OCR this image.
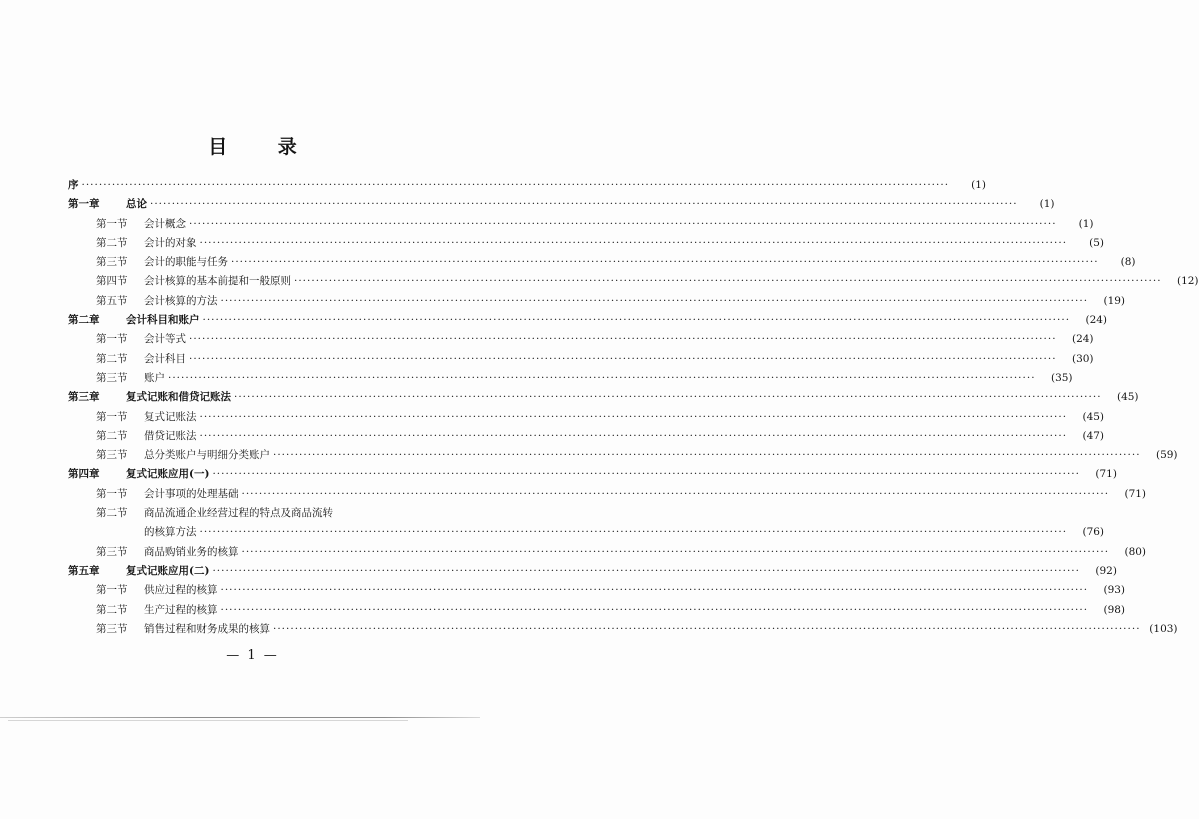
目 录
序 ········································································································································································································	(1)
第一章	总论 ········································································································································································································	(1)
第一节	会计概念 ········································································································································································································	(1)
第二节	会计的对象 ········································································································································································································	(5)
第三节	会计的职能与任务 ········································································································································································································	(8)
第四节	会计核算的基本前提和一般原则 ········································································································································································································	(12)
第五节	会计核算的方法 ········································································································································································································	(19)
第二章	会计科目和账户 ········································································································································································································	(24)
第一节	会计等式 ········································································································································································································	(24)
第二节	会计科目 ········································································································································································································	(30)
第三节	账户 ········································································································································································································	(35)
第三章	复式记账和借贷记账法 ········································································································································································································	(45)
第一节	复式记账法 ········································································································································································································	(45)
第二节	借贷记账法 ········································································································································································································	(47)
第三节	总分类账户与明细分类账户 ········································································································································································································	(59)
第四章	复式记账应用(一) ········································································································································································································	(71)
第一节	会计事项的处理基础 ········································································································································································································	(71)
第二节	商品流通企业经营过程的特点及商品流转
的核算方法 ········································································································································································································	(76)
第三节	商品购销业务的核算 ········································································································································································································	(80)
第五章	复式记账应用(二) ········································································································································································································	(92)
第一节	供应过程的核算 ········································································································································································································	(93)
第二节	生产过程的核算 ········································································································································································································	(98)
第三节	销售过程和财务成果的核算 ········································································································································································································ (103)
— 1 —
